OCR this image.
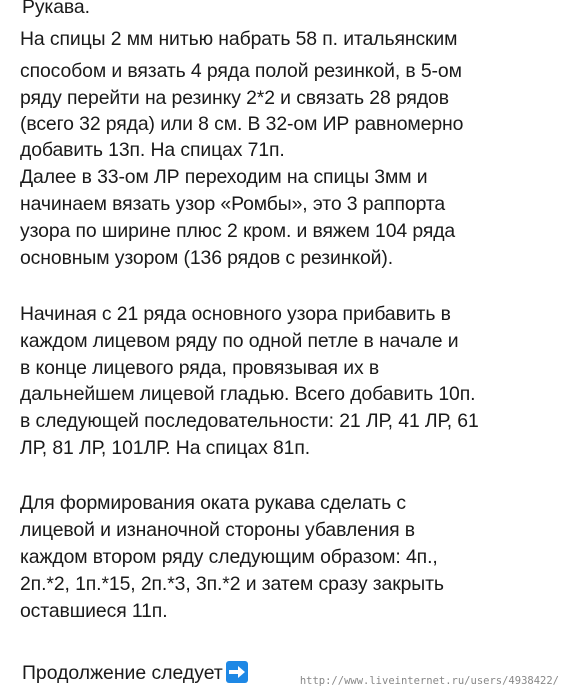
Рукава.
На спицы 2 мм нитью набрать 58 п. итальянским
способом и вязать 4 ряда полой резинкой, в 5-ом
ряду перейти на резинку 2*2 и связать 28 рядов
(всего 32 ряда) или 8 см. В 32-ом ИР равномерно
добавить 13п. На спицах 71п.
Далее в 33-ом ЛР переходим на спицы 3мм и
начинаем вязать узор «Ромбы», это 3 раппорта
узора по ширине плюс 2 кром. и вяжем 104 ряда
основным узором (136 рядов с резинкой).
Начиная с 21 ряда основного узора прибавить в
каждом лицевом ряду по одной петле в начале и
в конце лицевого ряда, провязывая их в
дальнейшем лицевой гладью. Всего добавить 10п.
в следующей последовательности: 21 ЛР, 41 ЛР, 61
ЛР, 81 ЛР, 101ЛР. На спицах 81п.
Для формирования оката рукава сделать с
лицевой и изнаночной стороны убавления в
каждом втором ряду следующим образом: 4п.,
2п.*2, 1п.*15, 2п.*3, 3п.*2 и затем сразу закрыть
оставшиеся 11п.
Продолжение следует	http://www.liveinternet.ru/users/4938422/
